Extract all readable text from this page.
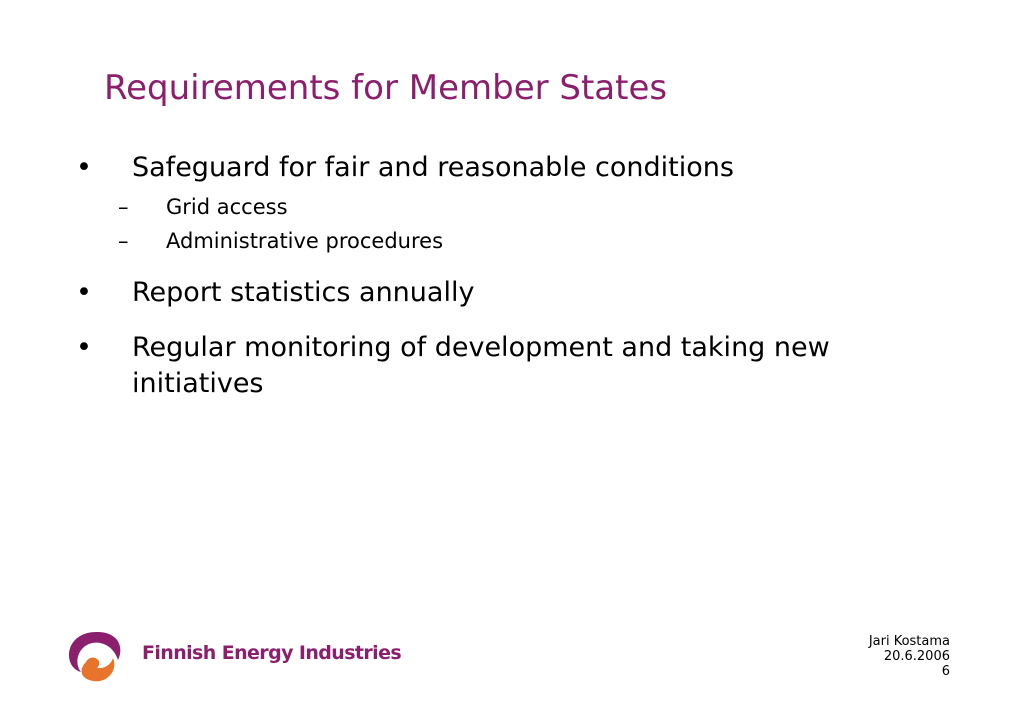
Requirements for Member States
• Safeguard for fair and reasonable conditions
– Grid access
– Administrative procedures
• Report statistics annually
• Regular monitoring of development and taking new initiatives
Finnish Energy Industries
Jari Kostama
20.6.2006
6
